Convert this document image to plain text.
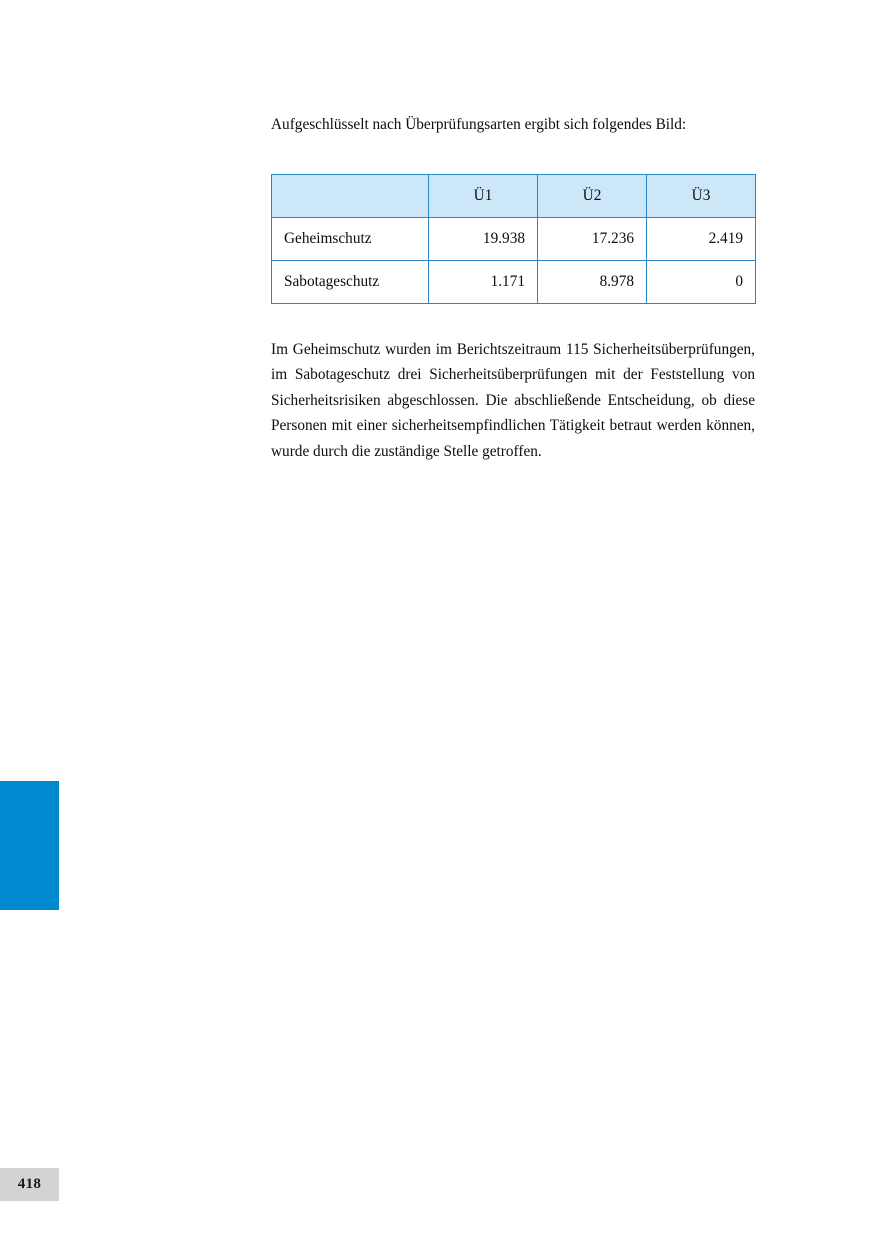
418

Aufgeschlüsselt nach Überprüfungsarten ergibt sich folgendes Bild:

	Ü1	Ü2	Ü3
Geheimschutz	19.938	17.236	2.419
Sabotageschutz	1.171	8.978	0

Im Geheimschutz wurden im Berichtszeitraum 115 Sicherheitsüberprüfungen, im Sabotageschutz drei Sicherheitsüberprüfungen mit der Feststellung von Sicherheitsrisiken abgeschlossen. Die abschließende Entscheidung, ob diese Personen mit einer sicherheitsempfindlichen Tätigkeit betraut werden können, wurde durch die zuständige Stelle getroffen.
